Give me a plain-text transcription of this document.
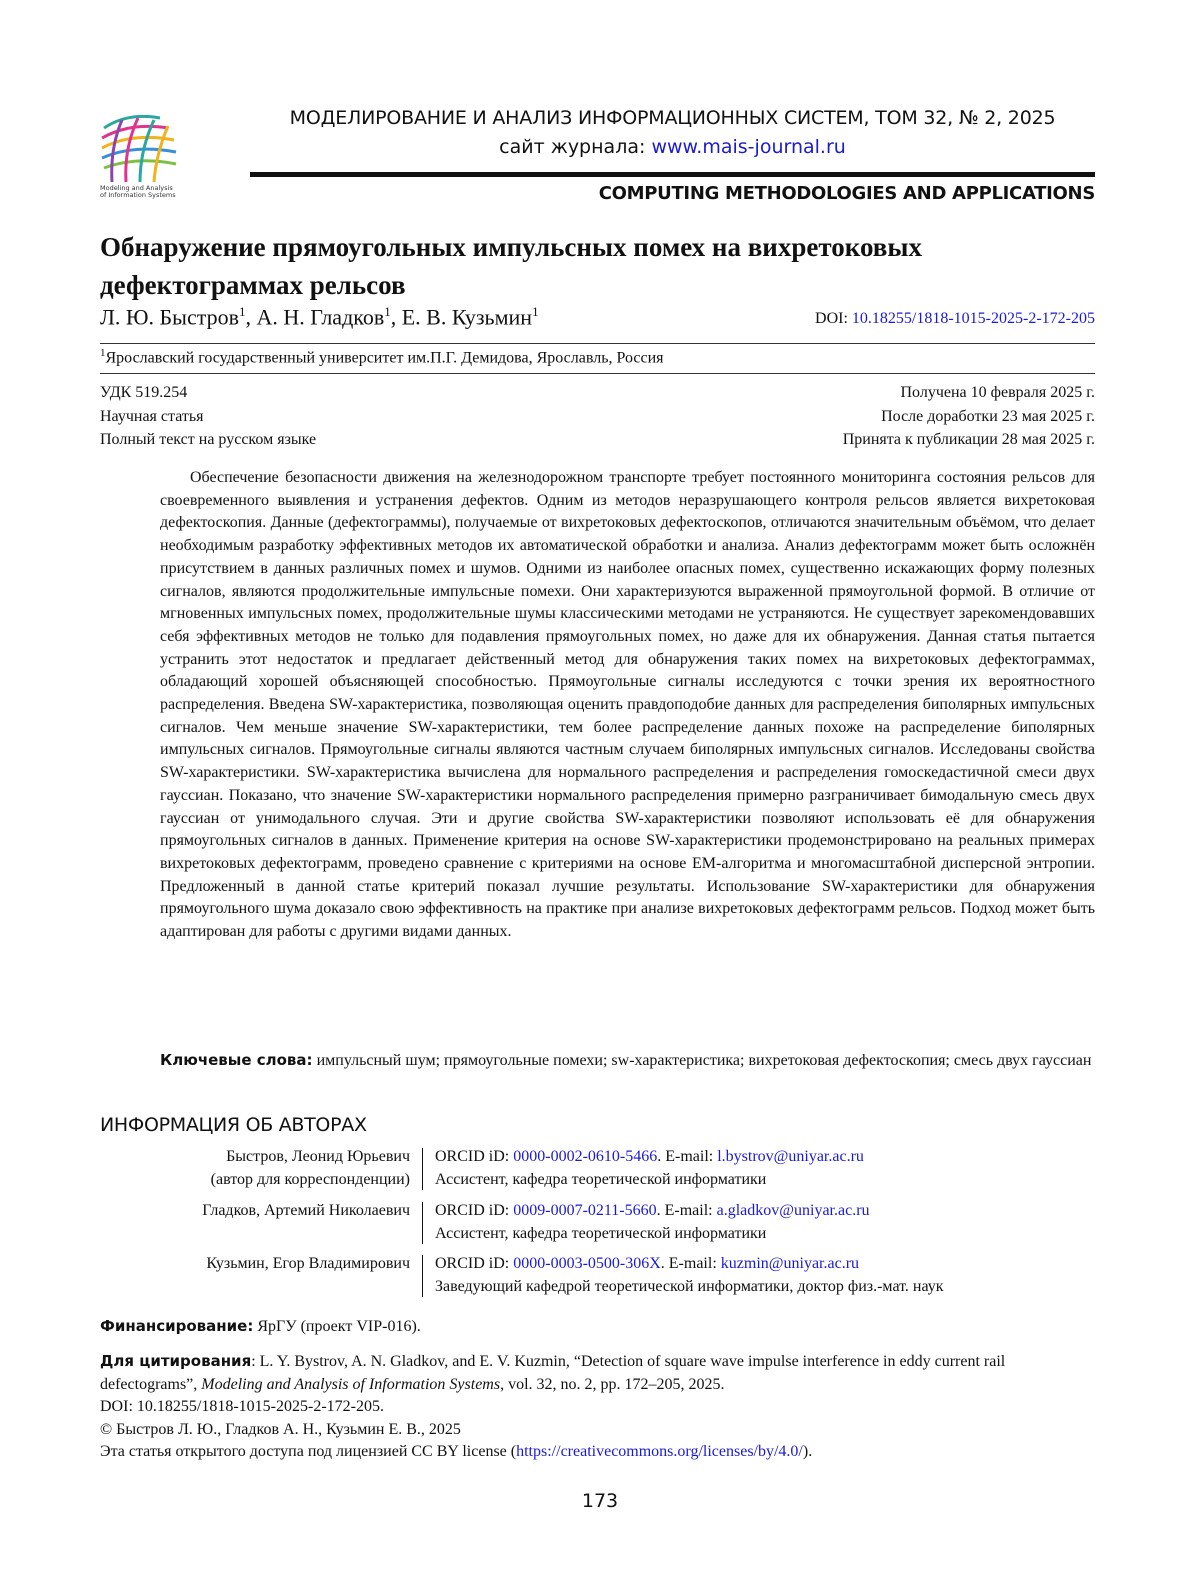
Modeling and Analysis
of Information Systems
МОДЕЛИРОВАНИЕ И АНАЛИЗ ИНФОРМАЦИОННЫХ СИСТЕМ, ТОМ 32, № 2, 2025
сайт журнала: www.mais-journal.ru
COMPUTING METHODOLOGIES AND APPLICATIONS
Обнаружение прямоугольных импульсных помех на вихретоковых
дефектограммах рельсов
Л. Ю. Быстров$^1$, А. Н. Гладков$^1$, Е. В. Кузьмин$^1$	DOI: 10.18255/1818-1015-2025-2-172-205
$^1$Ярославский государственный университет им.П.Г. Демидова, Ярославль, Россия
УДК 519.254
Научная статья
Полный текст на русском языке
Получена 10 февраля 2025 г.
После доработки 23 мая 2025 г.
Принята к публикации 28 мая 2025 г.

Обеспечение безопасности движения на железнодорожном транспорте требует постоянного мониторинга состояния рельсов для своевременного выявления и устранения дефектов. Одним из методов неразрушающего контроля рельсов является вихретоковая дефектоскопия. Данные (дефектограммы), получаемые от вихретоковых дефектоскопов, отличаются значительным объёмом, что делает необходимым разработку эффективных методов их автоматической обработки и анализа. Анализ дефектограмм может быть осложнён присутствием в данных различных помех и шумов. Одними из наиболее опасных помех, существенно искажающих форму полезных сигналов, являются продолжительные импульсные помехи. Они характеризуются выраженной прямоугольной формой. В отличие от мгновенных импульсных помех, продолжительные шумы классическими методами не устраняются. Не существует зарекомендовавших себя эффективных методов не только для подавления прямоугольных помех, но даже для их обнаружения. Данная статья пытается устранить этот недостаток и предлагает действенный метод для обнаружения таких помех на вихретоковых дефектограммах, обладающий хорошей объясняющей способностью. Прямоугольные сигналы исследуются с точки зрения их вероятностного распределения. Введена SW-характеристика, позволяющая оценить правдоподобие данных для распределения биполярных импульсных сигналов. Чем меньше значение SW-характеристики, тем более распределение данных похоже на распределение биполярных импульсных сигналов. Прямоугольные сигналы являются частным случаем биполярных импульсных сигналов. Исследованы свойства SW-характеристики. SW-характеристика вычислена для нормального распределения и распределения гомоскедастичной смеси двух гауссиан. Показано, что значение SW-характеристики нормального распределения примерно разграничивает бимодальную смесь двух гауссиан от унимодального случая. Эти и другие свойства SW-характеристики позволяют использовать её для обнаружения прямоугольных сигналов в данных. Применение критерия на основе SW-характеристики продемонстрировано на реальных примерах вихретоковых дефектограмм, проведено сравнение с критериями на основе EM-алгоритма и многомасштабной дисперсной энтропии. Предложенный в данной статье критерий показал лучшие результаты. Использование SW-характеристики для обнаружения прямоугольного шума доказало свою эффективность на практике при анализе вихретоковых дефектограмм рельсов. Подход может быть адаптирован для работы с другими видами данных.

Ключевые слова: импульсный шум; прямоугольные помехи; sw-характеристика; вихретоковая дефектоскопия; смесь двух гауссиан

ИНФОРМАЦИЯ ОБ АВТОРАХ
Быстров, Леонид Юрьевич
(автор для корреспонденции)
ORCID iD: 0000-0002-0610-5466. E-mail: l.bystrov@uniyar.ac.ru
Ассистент, кафедра теоретической информатики
Гладков, Артемий Николаевич ORCID iD: 0009-0007-0211-5660. E-mail: a.gladkov@uniyar.ac.ru
Ассистент, кафедра теоретической информатики
Кузьмин, Егор Владимирович ORCID iD: 0000-0003-0500-306X. E-mail: kuzmin@uniyar.ac.ru
Заведующий кафедрой теоретической информатики, доктор физ.-мат. наук
Финансирование: ЯрГУ (проект VIP-016).
Для цитирования: L. Y. Bystrov, A. N. Gladkov, and E. V. Kuzmin, “Detection of square wave impulse interference in eddy current rail defectograms”, Modeling and Analysis of Information Systems, vol. 32, no. 2, pp. 172–205, 2025.
DOI: 10.18255/1818-1015-2025-2-172-205.
© Быстров Л. Ю., Гладков А. Н., Кузьмин Е. В., 2025
Эта статья открытого доступа под лицензией CC BY license (https://creativecommons.org/licenses/by/4.0/).
173
